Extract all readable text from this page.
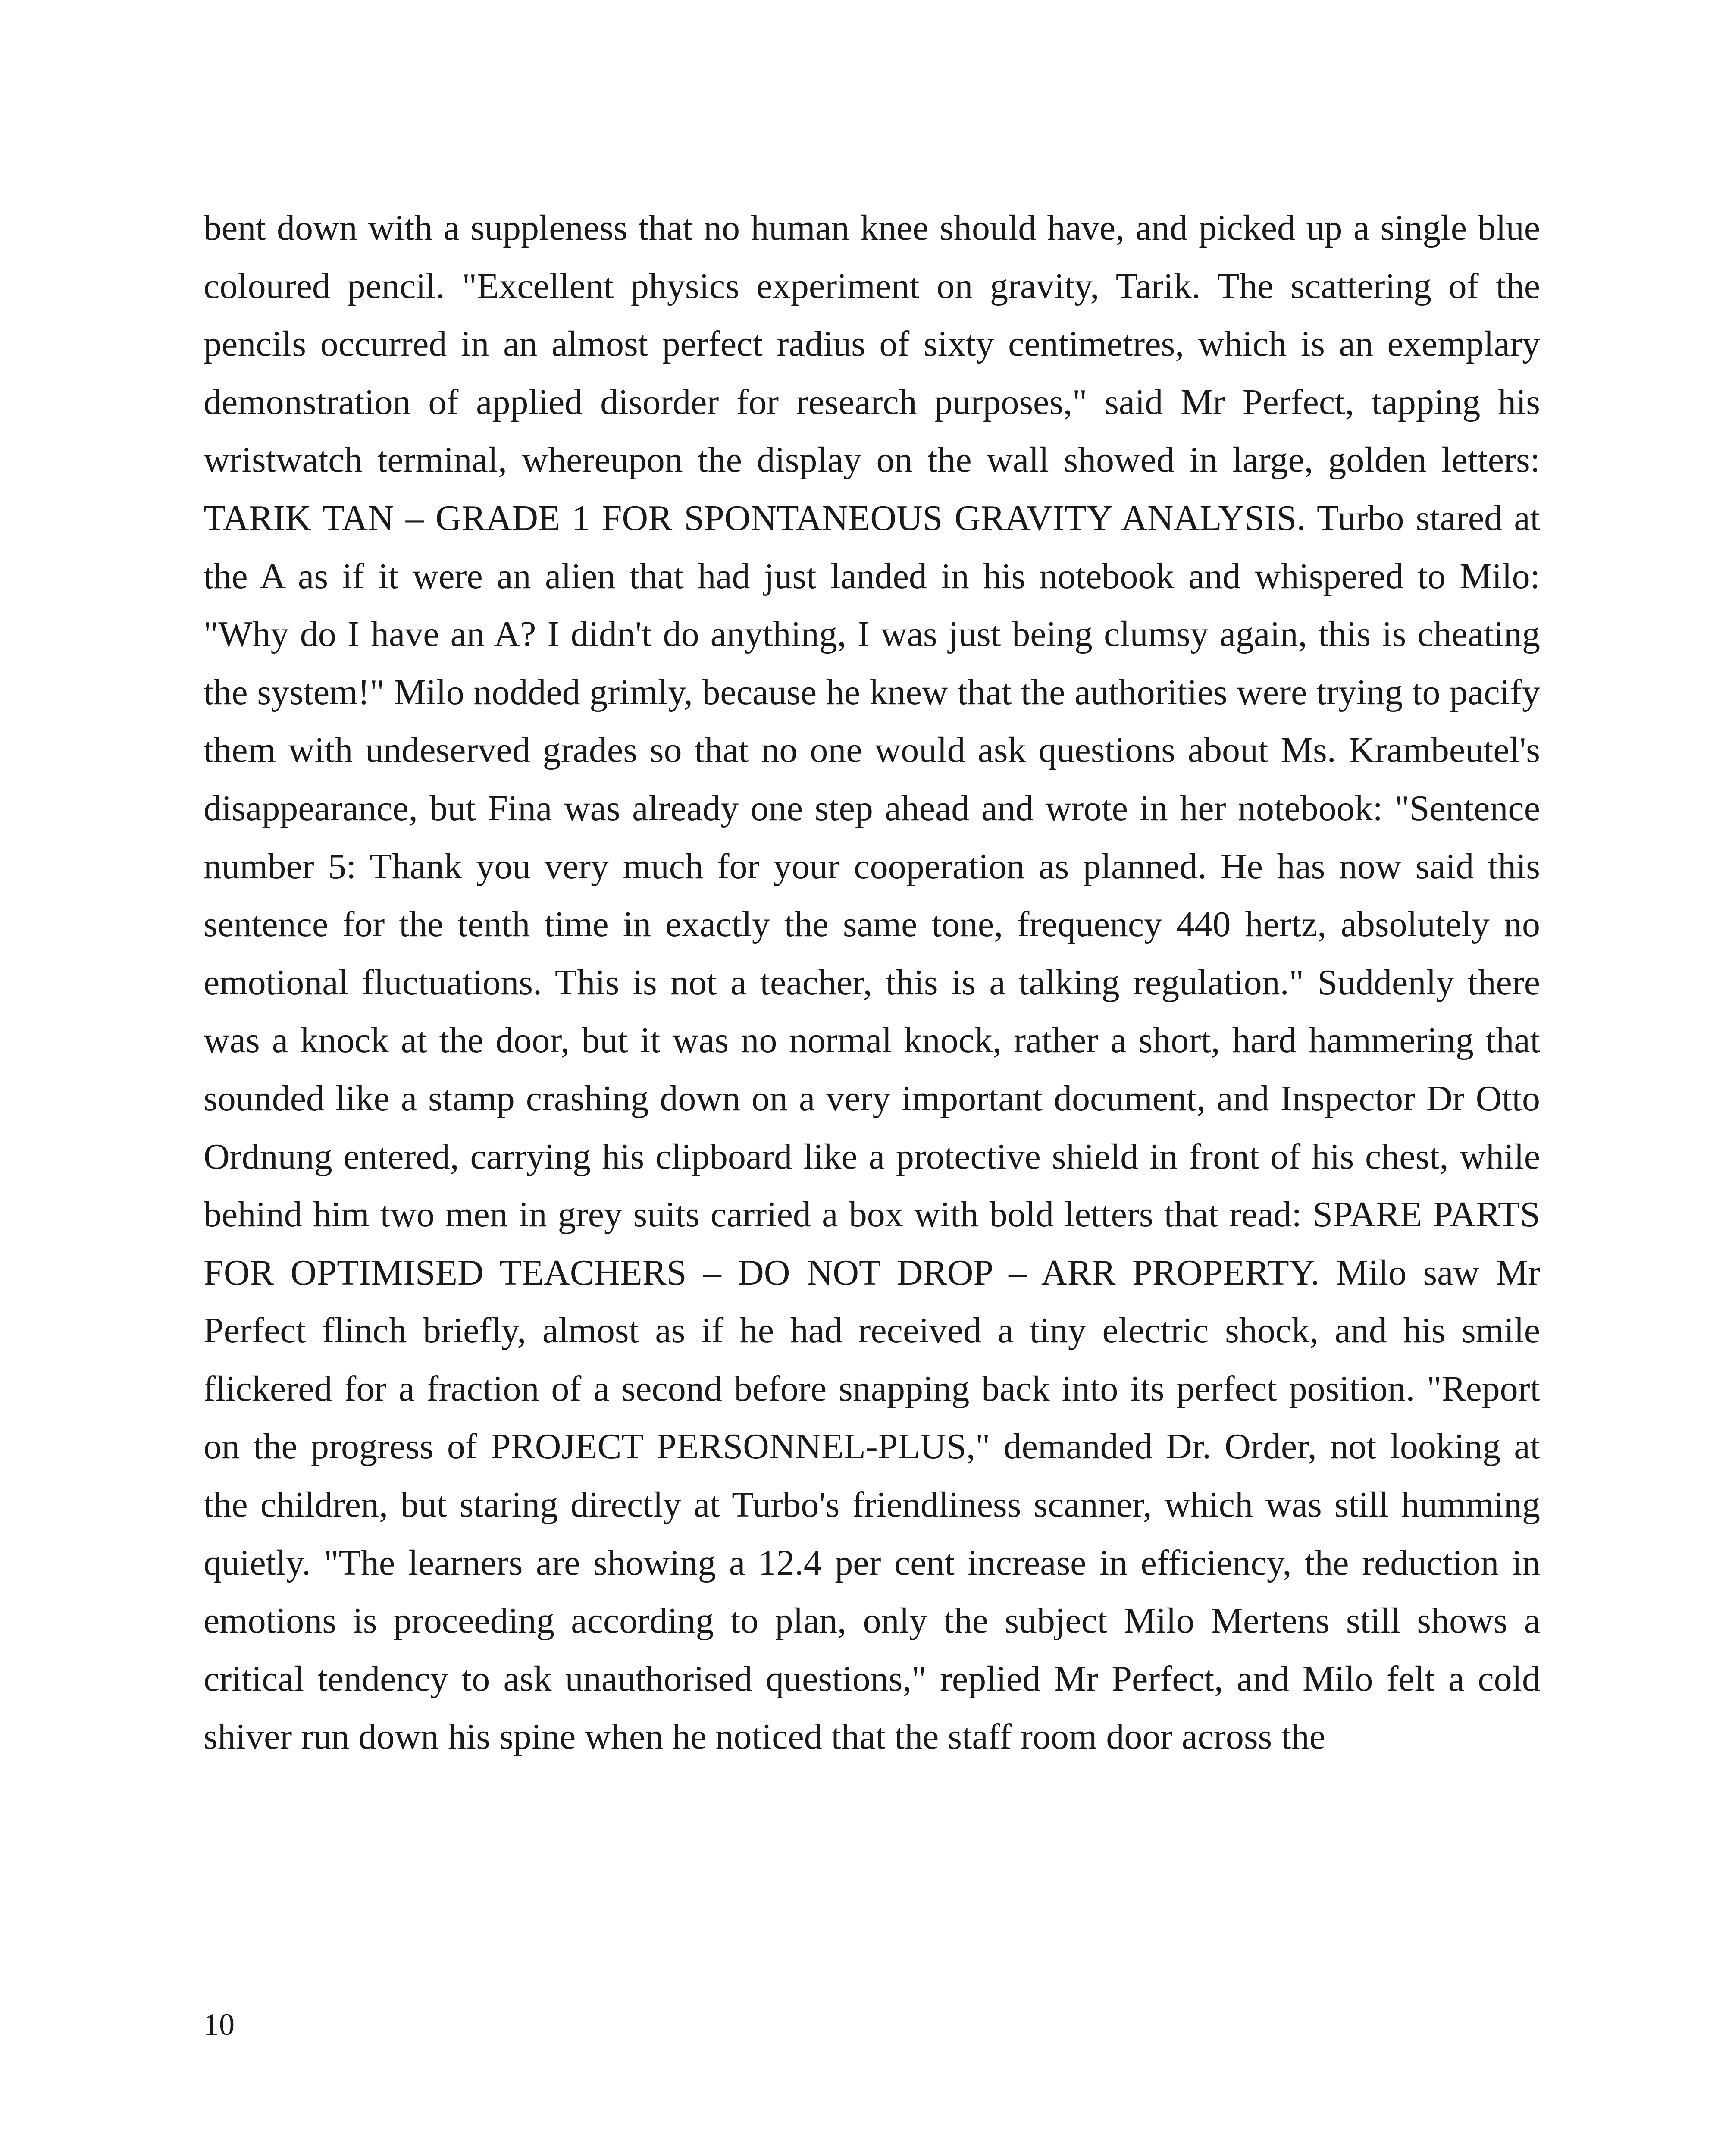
bent down with a suppleness that no human knee should have, and picked up a single blue coloured pencil. "Excellent physics experiment on gravity, Tarik. The scattering of the pencils occurred in an almost perfect radius of sixty centimetres, which is an exemplary demonstration of applied disorder for research purposes," said Mr Perfect, tapping his wristwatch terminal, whereupon the display on the wall showed in large, golden letters: TARIK TAN – GRADE 1 FOR SPONTANEOUS GRAVITY ANALYSIS. Turbo stared at the A as if it were an alien that had just landed in his notebook and whispered to Milo: "Why do I have an A? I didn't do anything, I was just being clumsy again, this is cheating the system!" Milo nodded grimly, because he knew that the authorities were trying to pacify them with undeserved grades so that no one would ask questions about Ms. Krambeutel's disappearance, but Fina was already one step ahead and wrote in her notebook: "Sentence number 5: Thank you very much for your cooperation as planned. He has now said this sentence for the tenth time in exactly the same tone, frequency 440 hertz, absolutely no emotional fluctuations. This is not a teacher, this is a talking regulation." Suddenly there was a knock at the door, but it was no normal knock, rather a short, hard hammering that sounded like a stamp crashing down on a very important document, and Inspector Dr Otto Ordnung entered, carrying his clipboard like a protective shield in front of his chest, while behind him two men in grey suits carried a box with bold letters that read: SPARE PARTS FOR OPTIMISED TEACHERS – DO NOT DROP – ARR PROPERTY. Milo saw Mr Perfect flinch briefly, almost as if he had received a tiny electric shock, and his smile flickered for a fraction of a second before snapping back into its perfect position. "Report on the progress of PROJECT PERSONNEL-PLUS," demanded Dr. Order, not looking at the children, but staring directly at Turbo's friendliness scanner, which was still humming quietly. "The learners are showing a 12.4 per cent increase in efficiency, the reduction in emotions is proceeding according to plan, only the subject Milo Mertens still shows a critical tendency to ask unauthorised questions," replied Mr Perfect, and Milo felt a cold shiver run down his spine when he noticed that the staff room door across the

10
